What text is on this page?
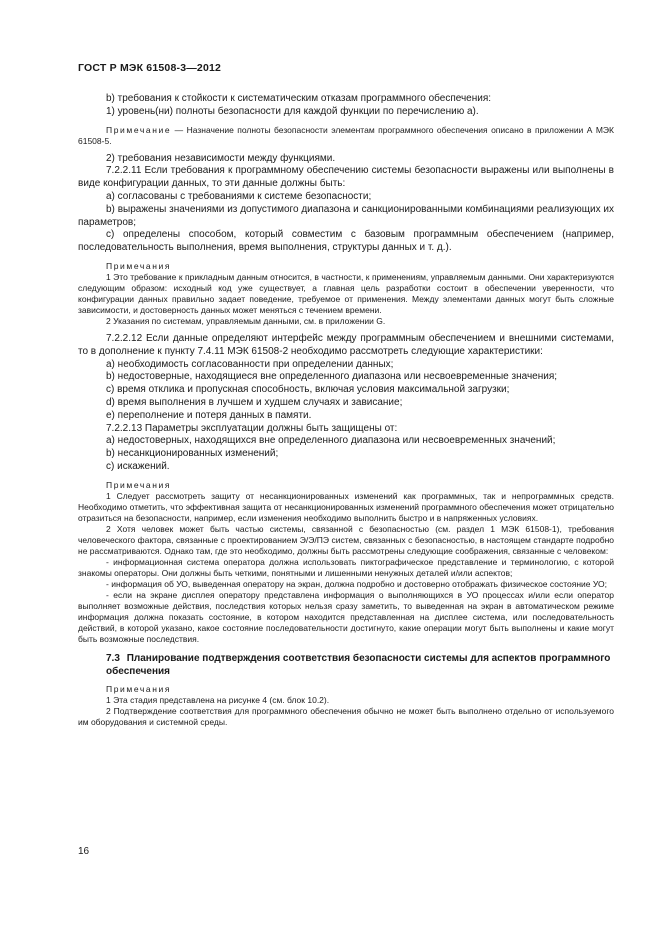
ГОСТ Р МЭК 61508-3—2012

b) требования к стойкости к систематическим отказам программного обеспечения:

1) уровень(ни) полноты безопасности для каждой функции по перечислению a).

Примечание — Назначение полноты безопасности элементам программного обеспечения описано в приложении А МЭК 61508-5.

2) требования независимости между функциями.

7.2.2.11 Если требования к программному обеспечению системы безопасности выражены или выполнены в виде конфигурации данных, то эти данные должны быть:

a) согласованы с требованиями к системе безопасности;

b) выражены значениями из допустимого диапазона и санкционированными комбинациями реализующих их параметров;

c) определены способом, который совместим с базовым программным обеспечением (например, последовательность выполнения, время выполнения, структуры данных и т. д.).

Примечания

1 Это требование к прикладным данным относится, в частности, к применениям, управляемым данными. Они характеризуются следующим образом: исходный код уже существует, а главная цель разработки состоит в обеспечении уверенности, что конфигурации данных правильно задает поведение, требуемое от применения. Между элементами данных могут быть сложные зависимости, и достоверность данных может меняться с течением времени.

2 Указания по системам, управляемым данными, см. в приложении G.

7.2.2.12 Если данные определяют интерфейс между программным обеспечением и внешними системами, то в дополнение к пункту 7.4.11 МЭК 61508-2 необходимо рассмотреть следующие характеристики:

a) необходимость согласованности при определении данных;

b) недостоверные, находящиеся вне определенного диапазона или несвоевременные значения;

c) время отклика и пропускная способность, включая условия максимальной загрузки;

d) время выполнения в лучшем и худшем случаях и зависание;

e) переполнение и потеря данных в памяти.

7.2.2.13 Параметры эксплуатации должны быть защищены от:

a) недостоверных, находящихся вне определенного диапазона или несвоевременных значений;

b) несанкционированных изменений;

c) искажений.

Примечания

1 Следует рассмотреть защиту от несанкционированных изменений как программных, так и непрограммных средств. Необходимо отметить, что эффективная защита от несанкционированных изменений программного обеспечения может отрицательно отразиться на безопасности, например, если изменения необходимо выполнить быстро и в напряженных условиях.

2 Хотя человек может быть частью системы, связанной с безопасностью (см. раздел 1 МЭК 61508-1), требования человеческого фактора, связанные с проектированием Э/Э/ПЭ систем, связанных с безопасностью, в настоящем стандарте подробно не рассматриваются. Однако там, где это необходимо, должны быть рассмотрены следующие соображения, связанные с человеком:

- информационная система оператора должна использовать пиктографическое представление и терминологию, с которой знакомы операторы. Они должны быть четкими, понятными и лишенными ненужных деталей и/или аспектов;

- информация об УО, выведенная оператору на экран, должна подробно и достоверно отображать физическое состояние УО;

- если на экране дисплея оператору представлена информация о выполняющихся в УО процессах и/или если оператор выполняет возможные действия, последствия которых нельзя сразу заметить, то выведенная на экран в автоматическом режиме информация должна показать состояние, в котором находится представленная на дисплее система, или последовательность действий, в которой указано, какое состояние последовательности достигнуто, какие операции могут быть выполнены и какие могут быть возможные последствия.

7.3 Планирование подтверждения соответствия безопасности системы для аспектов программного обеспечения

Примечания

1 Эта стадия представлена на рисунке 4 (см. блок 10.2).

2 Подтверждение соответствия для программного обеспечения обычно не может быть выполнено отдельно от используемого им оборудования и системной среды.

16
